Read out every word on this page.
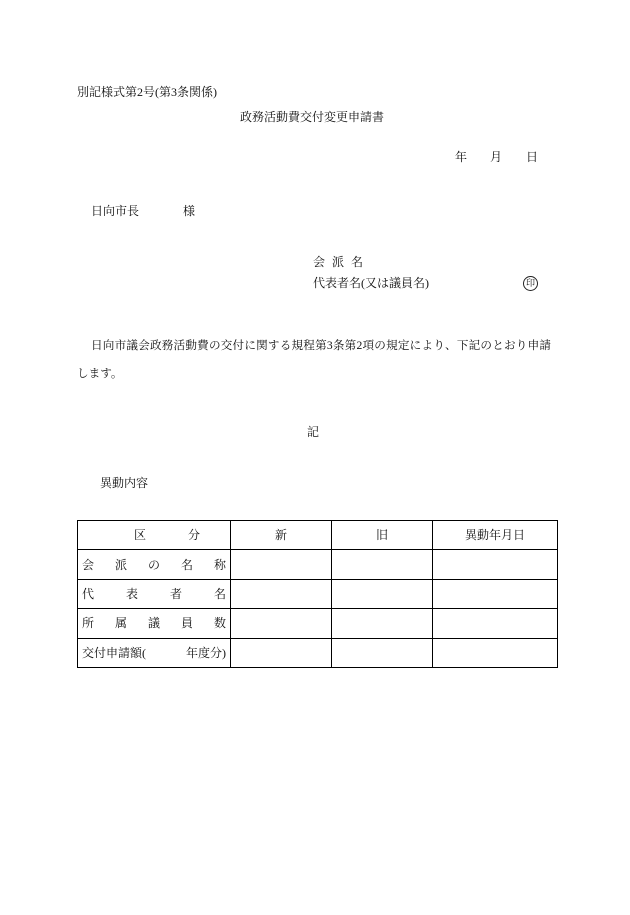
別記様式第2号(第3条関係)
政務活動費交付変更申請書
年 月 日
日向市長	様
会派名
代表者名(又は議員名)	印

日向市議会政務活動費の交付に関する規程第3条第2項の規定により、下記のとおり申請します。

記
異動内容
区 分	新	旧	異動年月日

会 派 の 名 称			

代 表 者 名			

所 属 議 員 数			

交付申請額( 年度分)			
